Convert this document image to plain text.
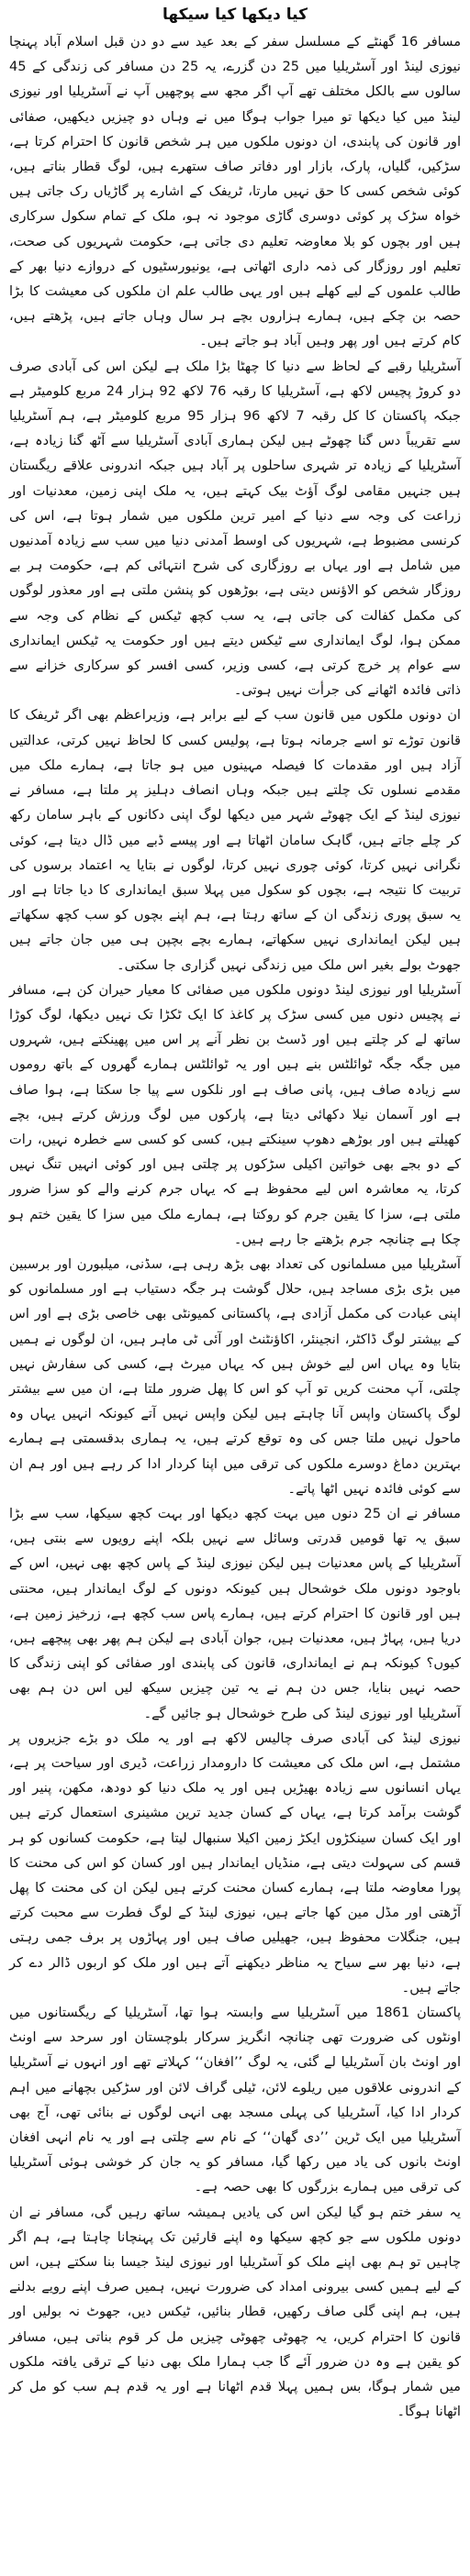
کیا دیکھا کیا سیکھا

مسافر 16 گھنٹے کے مسلسل سفر کے بعد عید سے دو دن قبل اسلام آباد پہنچا نیوزی لینڈ اور آسٹریلیا میں 25 دن گزرے، یہ 25 دن مسافر کی زندگی کے 45 سالوں سے بالکل مختلف تھے آپ اگر مجھ سے پوچھیں آپ نے آسٹریلیا اور نیوزی لینڈ میں کیا دیکھا تو میرا جواب ہوگا میں نے وہاں دو چیزیں دیکھیں، صفائی اور قانون کی پابندی، ان دونوں ملکوں میں ہر شخص قانون کا احترام کرتا ہے، سڑکیں، گلیاں، پارک، بازار اور دفاتر صاف ستھرے ہیں، لوگ قطار بناتے ہیں، کوئی شخص کسی کا حق نہیں مارتا، ٹریفک کے اشارے پر گاڑیاں رک جاتی ہیں خواہ سڑک پر کوئی دوسری گاڑی موجود نہ ہو، ملک کے تمام سکول سرکاری ہیں اور بچوں کو بلا معاوضہ تعلیم دی جاتی ہے، حکومت شہریوں کی صحت، تعلیم اور روزگار کی ذمہ داری اٹھاتی ہے، یونیورسٹیوں کے دروازے دنیا بھر کے طالب علموں کے لیے کھلے ہیں اور یہی طالب علم ان ملکوں کی معیشت کا بڑا حصہ بن چکے ہیں، ہمارے ہزاروں بچے ہر سال وہاں جاتے ہیں، پڑھتے ہیں، کام کرتے ہیں اور پھر وہیں آباد ہو جاتے ہیں۔

آسٹریلیا رقبے کے لحاظ سے دنیا کا چھٹا بڑا ملک ہے لیکن اس کی آبادی صرف دو کروڑ پچیس لاکھ ہے، آسٹریلیا کا رقبہ 76 لاکھ 92 ہزار 24 مربع کلومیٹر ہے جبکہ پاکستان کا کل رقبہ 7 لاکھ 96 ہزار 95 مربع کلومیٹر ہے، ہم آسٹریلیا سے تقریباً دس گنا چھوٹے ہیں لیکن ہماری آبادی آسٹریلیا سے آٹھ گنا زیادہ ہے، آسٹریلیا کے زیادہ تر شہری ساحلوں پر آباد ہیں جبکہ اندرونی علاقے ریگستان ہیں جنہیں مقامی لوگ آؤٹ بیک کہتے ہیں، یہ ملک اپنی زمین، معدنیات اور زراعت کی وجہ سے دنیا کے امیر ترین ملکوں میں شمار ہوتا ہے، اس کی کرنسی مضبوط ہے، شہریوں کی اوسط آمدنی دنیا میں سب سے زیادہ آمدنیوں میں شامل ہے اور یہاں بے روزگاری کی شرح انتہائی کم ہے، حکومت ہر بے روزگار شخص کو الاؤنس دیتی ہے، بوڑھوں کو پنشن ملتی ہے اور معذور لوگوں کی مکمل کفالت کی جاتی ہے، یہ سب کچھ ٹیکس کے نظام کی وجہ سے ممکن ہوا، لوگ ایمانداری سے ٹیکس دیتے ہیں اور حکومت یہ ٹیکس ایمانداری سے عوام پر خرچ کرتی ہے، کسی وزیر، کسی افسر کو سرکاری خزانے سے ذاتی فائدہ اٹھانے کی جرأت نہیں ہوتی۔

ان دونوں ملکوں میں قانون سب کے لیے برابر ہے، وزیراعظم بھی اگر ٹریفک کا قانون توڑے تو اسے جرمانہ ہوتا ہے، پولیس کسی کا لحاظ نہیں کرتی، عدالتیں آزاد ہیں اور مقدمات کا فیصلہ مہینوں میں ہو جاتا ہے، ہمارے ملک میں مقدمے نسلوں تک چلتے ہیں جبکہ وہاں انصاف دہلیز پر ملتا ہے، مسافر نے نیوزی لینڈ کے ایک چھوٹے شہر میں دیکھا لوگ اپنی دکانوں کے باہر سامان رکھ کر چلے جاتے ہیں، گاہک سامان اٹھاتا ہے اور پیسے ڈبے میں ڈال دیتا ہے، کوئی نگرانی نہیں کرتا، کوئی چوری نہیں کرتا، لوگوں نے بتایا یہ اعتماد برسوں کی تربیت کا نتیجہ ہے، بچوں کو سکول میں پہلا سبق ایمانداری کا دیا جاتا ہے اور یہ سبق پوری زندگی ان کے ساتھ رہتا ہے، ہم اپنے بچوں کو سب کچھ سکھاتے ہیں لیکن ایمانداری نہیں سکھاتے، ہمارے بچے بچپن ہی میں جان جاتے ہیں جھوٹ بولے بغیر اس ملک میں زندگی نہیں گزاری جا سکتی۔

آسٹریلیا اور نیوزی لینڈ دونوں ملکوں میں صفائی کا معیار حیران کن ہے، مسافر نے پچیس دنوں میں کسی سڑک پر کاغذ کا ایک ٹکڑا تک نہیں دیکھا، لوگ کوڑا ساتھ لے کر چلتے ہیں اور ڈسٹ بن نظر آنے پر اس میں پھینکتے ہیں، شہروں میں جگہ جگہ ٹوائلٹس بنے ہیں اور یہ ٹوائلٹس ہمارے گھروں کے باتھ روموں سے زیادہ صاف ہیں، پانی صاف ہے اور نلکوں سے پیا جا سکتا ہے، ہوا صاف ہے اور آسمان نیلا دکھائی دیتا ہے، پارکوں میں لوگ ورزش کرتے ہیں، بچے کھیلتے ہیں اور بوڑھے دھوپ سینکتے ہیں، کسی کو کسی سے خطرہ نہیں، رات کے دو بجے بھی خواتین اکیلی سڑکوں پر چلتی ہیں اور کوئی انہیں تنگ نہیں کرتا، یہ معاشرہ اس لیے محفوظ ہے کہ یہاں جرم کرنے والے کو سزا ضرور ملتی ہے، سزا کا یقین جرم کو روکتا ہے، ہمارے ملک میں سزا کا یقین ختم ہو چکا ہے چنانچہ جرم بڑھتے جا رہے ہیں۔

آسٹریلیا میں مسلمانوں کی تعداد بھی بڑھ رہی ہے، سڈنی، میلبورن اور برسبین میں بڑی بڑی مساجد ہیں، حلال گوشت ہر جگہ دستیاب ہے اور مسلمانوں کو اپنی عبادت کی مکمل آزادی ہے، پاکستانی کمیونٹی بھی خاصی بڑی ہے اور اس کے بیشتر لوگ ڈاکٹر، انجینئر، اکاؤنٹنٹ اور آئی ٹی ماہر ہیں، ان لوگوں نے ہمیں بتایا وہ یہاں اس لیے خوش ہیں کہ یہاں میرٹ ہے، کسی کی سفارش نہیں چلتی، آپ محنت کریں تو آپ کو اس کا پھل ضرور ملتا ہے، ان میں سے بیشتر لوگ پاکستان واپس آنا چاہتے ہیں لیکن واپس نہیں آتے کیونکہ انہیں یہاں وہ ماحول نہیں ملتا جس کی وہ توقع کرتے ہیں، یہ ہماری بدقسمتی ہے ہمارے بہترین دماغ دوسرے ملکوں کی ترقی میں اپنا کردار ادا کر رہے ہیں اور ہم ان سے کوئی فائدہ نہیں اٹھا پاتے۔

مسافر نے ان 25 دنوں میں بہت کچھ دیکھا اور بہت کچھ سیکھا، سب سے بڑا سبق یہ تھا قومیں قدرتی وسائل سے نہیں بلکہ اپنے رویوں سے بنتی ہیں، آسٹریلیا کے پاس معدنیات ہیں لیکن نیوزی لینڈ کے پاس کچھ بھی نہیں، اس کے باوجود دونوں ملک خوشحال ہیں کیونکہ دونوں کے لوگ ایماندار ہیں، محنتی ہیں اور قانون کا احترام کرتے ہیں، ہمارے پاس سب کچھ ہے، زرخیز زمین ہے، دریا ہیں، پہاڑ ہیں، معدنیات ہیں، جوان آبادی ہے لیکن ہم پھر بھی پیچھے ہیں، کیوں؟ کیونکہ ہم نے ایمانداری، قانون کی پابندی اور صفائی کو اپنی زندگی کا حصہ نہیں بنایا، جس دن ہم نے یہ تین چیزیں سیکھ لیں اس دن ہم بھی آسٹریلیا اور نیوزی لینڈ کی طرح خوشحال ہو جائیں گے۔

نیوزی لینڈ کی آبادی صرف چالیس لاکھ ہے اور یہ ملک دو بڑے جزیروں پر مشتمل ہے، اس ملک کی معیشت کا دارومدار زراعت، ڈیری اور سیاحت پر ہے، یہاں انسانوں سے زیادہ بھیڑیں ہیں اور یہ ملک دنیا کو دودھ، مکھن، پنیر اور گوشت برآمد کرتا ہے، یہاں کے کسان جدید ترین مشینری استعمال کرتے ہیں اور ایک کسان سینکڑوں ایکڑ زمین اکیلا سنبھال لیتا ہے، حکومت کسانوں کو ہر قسم کی سہولت دیتی ہے، منڈیاں ایماندار ہیں اور کسان کو اس کی محنت کا پورا معاوضہ ملتا ہے، ہمارے کسان محنت کرتے ہیں لیکن ان کی محنت کا پھل آڑھتی اور مڈل مین کھا جاتے ہیں، نیوزی لینڈ کے لوگ فطرت سے محبت کرتے ہیں، جنگلات محفوظ ہیں، جھیلیں صاف ہیں اور پہاڑوں پر برف جمی رہتی ہے، دنیا بھر سے سیاح یہ مناظر دیکھنے آتے ہیں اور ملک کو اربوں ڈالر دے کر جاتے ہیں۔

پاکستان 1861 میں آسٹریلیا سے وابستہ ہوا تھا، آسٹریلیا کے ریگستانوں میں اونٹوں کی ضرورت تھی چنانچہ انگریز سرکار بلوچستان اور سرحد سے اونٹ اور اونٹ بان آسٹریلیا لے گئی، یہ لوگ ’’افغان‘‘ کہلاتے تھے اور انہوں نے آسٹریلیا کے اندرونی علاقوں میں ریلوے لائن، ٹیلی گراف لائن اور سڑکیں بچھانے میں اہم کردار ادا کیا، آسٹریلیا کی پہلی مسجد بھی انہی لوگوں نے بنائی تھی، آج بھی آسٹریلیا میں ایک ٹرین ’’دی گھان‘‘ کے نام سے چلتی ہے اور یہ نام انہی افغان اونٹ بانوں کی یاد میں رکھا گیا، مسافر کو یہ جان کر خوشی ہوئی آسٹریلیا کی ترقی میں ہمارے بزرگوں کا بھی حصہ ہے۔

یہ سفر ختم ہو گیا لیکن اس کی یادیں ہمیشہ ساتھ رہیں گی، مسافر نے ان دونوں ملکوں سے جو کچھ سیکھا وہ اپنے قارئین تک پہنچانا چاہتا ہے، ہم اگر چاہیں تو ہم بھی اپنے ملک کو آسٹریلیا اور نیوزی لینڈ جیسا بنا سکتے ہیں، اس کے لیے ہمیں کسی بیرونی امداد کی ضرورت نہیں، ہمیں صرف اپنے رویے بدلنے ہیں، ہم اپنی گلی صاف رکھیں، قطار بنائیں، ٹیکس دیں، جھوٹ نہ بولیں اور قانون کا احترام کریں، یہ چھوٹی چھوٹی چیزیں مل کر قوم بناتی ہیں، مسافر کو یقین ہے وہ دن ضرور آئے گا جب ہمارا ملک بھی دنیا کے ترقی یافتہ ملکوں میں شمار ہوگا، بس ہمیں پہلا قدم اٹھانا ہے اور یہ قدم ہم سب کو مل کر اٹھانا ہوگا۔
